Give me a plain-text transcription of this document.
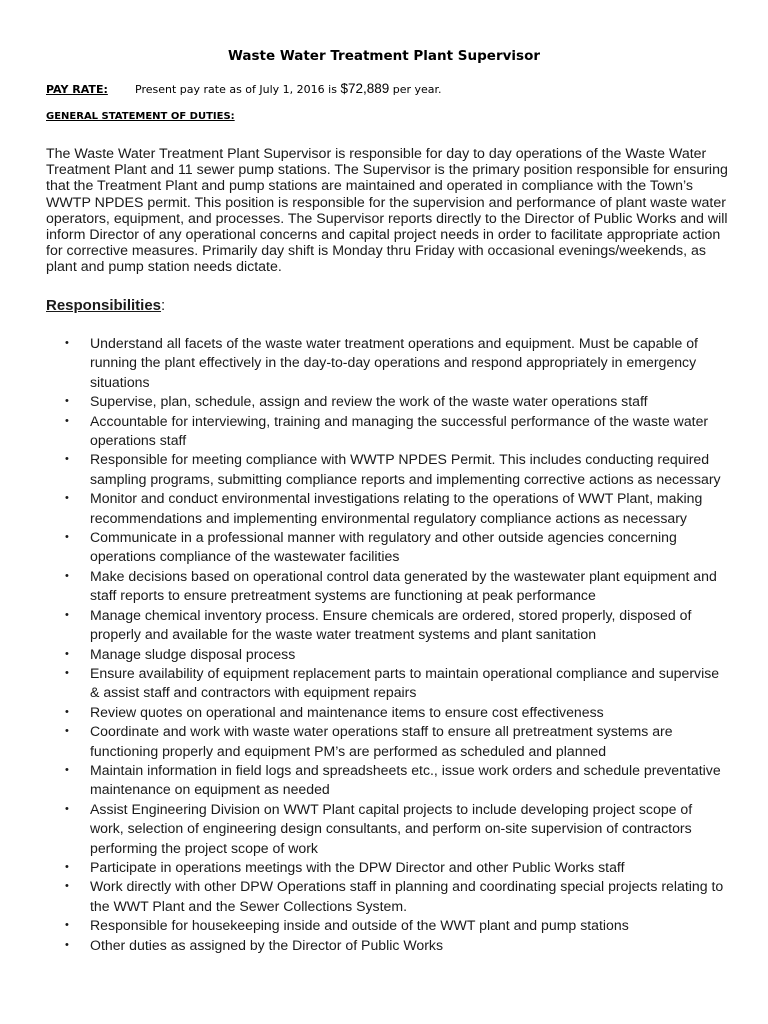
Waste Water Treatment Plant Supervisor
PAY RATE: Present pay rate as of July 1, 2016 is $72,889 per year.
GENERAL STATEMENT OF DUTIES:

The Waste Water Treatment Plant Supervisor is responsible for day to day operations of the Waste Water Treatment Plant and 11 sewer pump stations. The Supervisor is the primary position responsible for ensuring that the Treatment Plant and pump stations are maintained and operated in compliance with the Town’s WWTP NPDES permit. This position is responsible for the supervision and performance of plant waste water operators, equipment, and processes. The Supervisor reports directly to the Director of Public Works and will inform Director of any operational concerns and capital project needs in order to facilitate appropriate action for corrective measures. Primarily day shift is Monday thru Friday with occasional evenings/weekends, as plant and pump station needs dictate.

Responsibilities:
• Understand all facets of the waste water treatment operations and equipment. Must be capable of running the plant effectively in the day-to-day operations and respond appropriately in emergency situations
• Supervise, plan, schedule, assign and review the work of the waste water operations staff
• Accountable for interviewing, training and managing the successful performance of the waste water operations staff
• Responsible for meeting compliance with WWTP NPDES Permit. This includes conducting required sampling programs, submitting compliance reports and implementing corrective actions as necessary
• Monitor and conduct environmental investigations relating to the operations of WWT Plant, making recommendations and implementing environmental regulatory compliance actions as necessary
• Communicate in a professional manner with regulatory and other outside agencies concerning operations compliance of the wastewater facilities
• Make decisions based on operational control data generated by the wastewater plant equipment and staff reports to ensure pretreatment systems are functioning at peak performance
• Manage chemical inventory process. Ensure chemicals are ordered, stored properly, disposed of properly and available for the waste water treatment systems and plant sanitation
• Manage sludge disposal process
• Ensure availability of equipment replacement parts to maintain operational compliance and supervise & assist staff and contractors with equipment repairs
• Review quotes on operational and maintenance items to ensure cost effectiveness
• Coordinate and work with waste water operations staff to ensure all pretreatment systems are functioning properly and equipment PM’s are performed as scheduled and planned
• Maintain information in field logs and spreadsheets etc., issue work orders and schedule preventative maintenance on equipment as needed
• Assist Engineering Division on WWT Plant capital projects to include developing project scope of work, selection of engineering design consultants, and perform on-site supervision of contractors performing the project scope of work
• Participate in operations meetings with the DPW Director and other Public Works staff
• Work directly with other DPW Operations staff in planning and coordinating special projects relating to the WWT Plant and the Sewer Collections System.
• Responsible for housekeeping inside and outside of the WWT plant and pump stations
• Other duties as assigned by the Director of Public Works
